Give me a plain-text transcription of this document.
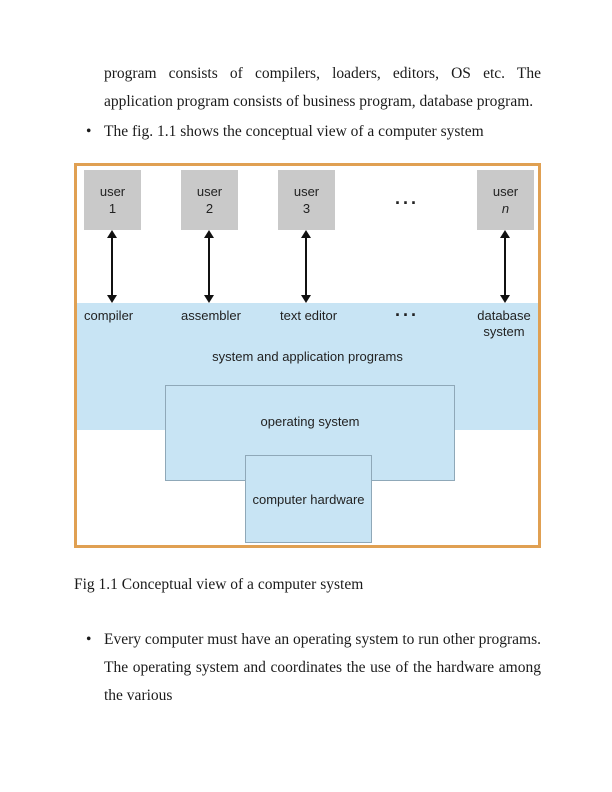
program consists of compilers, loaders, editors, OS etc. The application program consists of business program, database program.

• The fig. 1.1 shows the conceptual view of a computer system
user
1
user
2
user
3
...	user
n
compiler	assembler	text editor	...	database
system
system and application programs
operating system
computer hardware

Fig 1.1 Conceptual view of a computer system

• Every computer must have an operating system to run other programs. The operating system and coordinates the use of the hardware among the various
